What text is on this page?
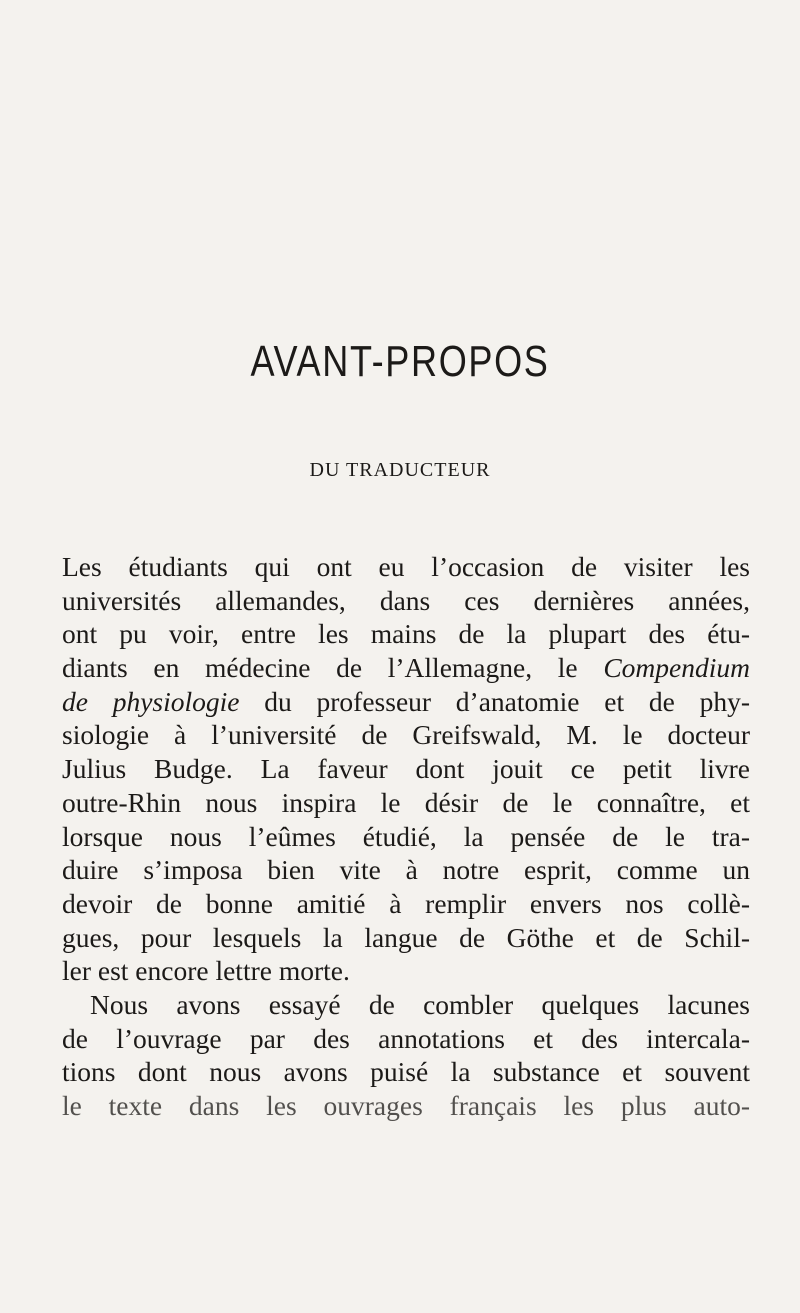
AVANT-PROPOS
DU TRADUCTEUR
Les étudiants qui ont eu l’occasion de visiter les
universités allemandes, dans ces dernières années,
ont pu voir, entre les mains de la plupart des étu-
diants en médecine de l’Allemagne, le Compendium
de physiologie du professeur d’anatomie et de phy-
siologie à l’université de Greifswald, M. le docteur
Julius Budge. La faveur dont jouit ce petit livre
outre-Rhin nous inspira le désir de le connaître, et
lorsque nous l’eûmes étudié, la pensée de le tra-
duire s’imposa bien vite à notre esprit, comme un
devoir de bonne amitié à remplir envers nos collè-
gues, pour lesquels la langue de Göthe et de Schil-
ler est encore lettre morte.
Nous avons essayé de combler quelques lacunes
de l’ouvrage par des annotations et des intercala-
tions dont nous avons puisé la substance et souvent
le texte dans les ouvrages français les plus auto-
